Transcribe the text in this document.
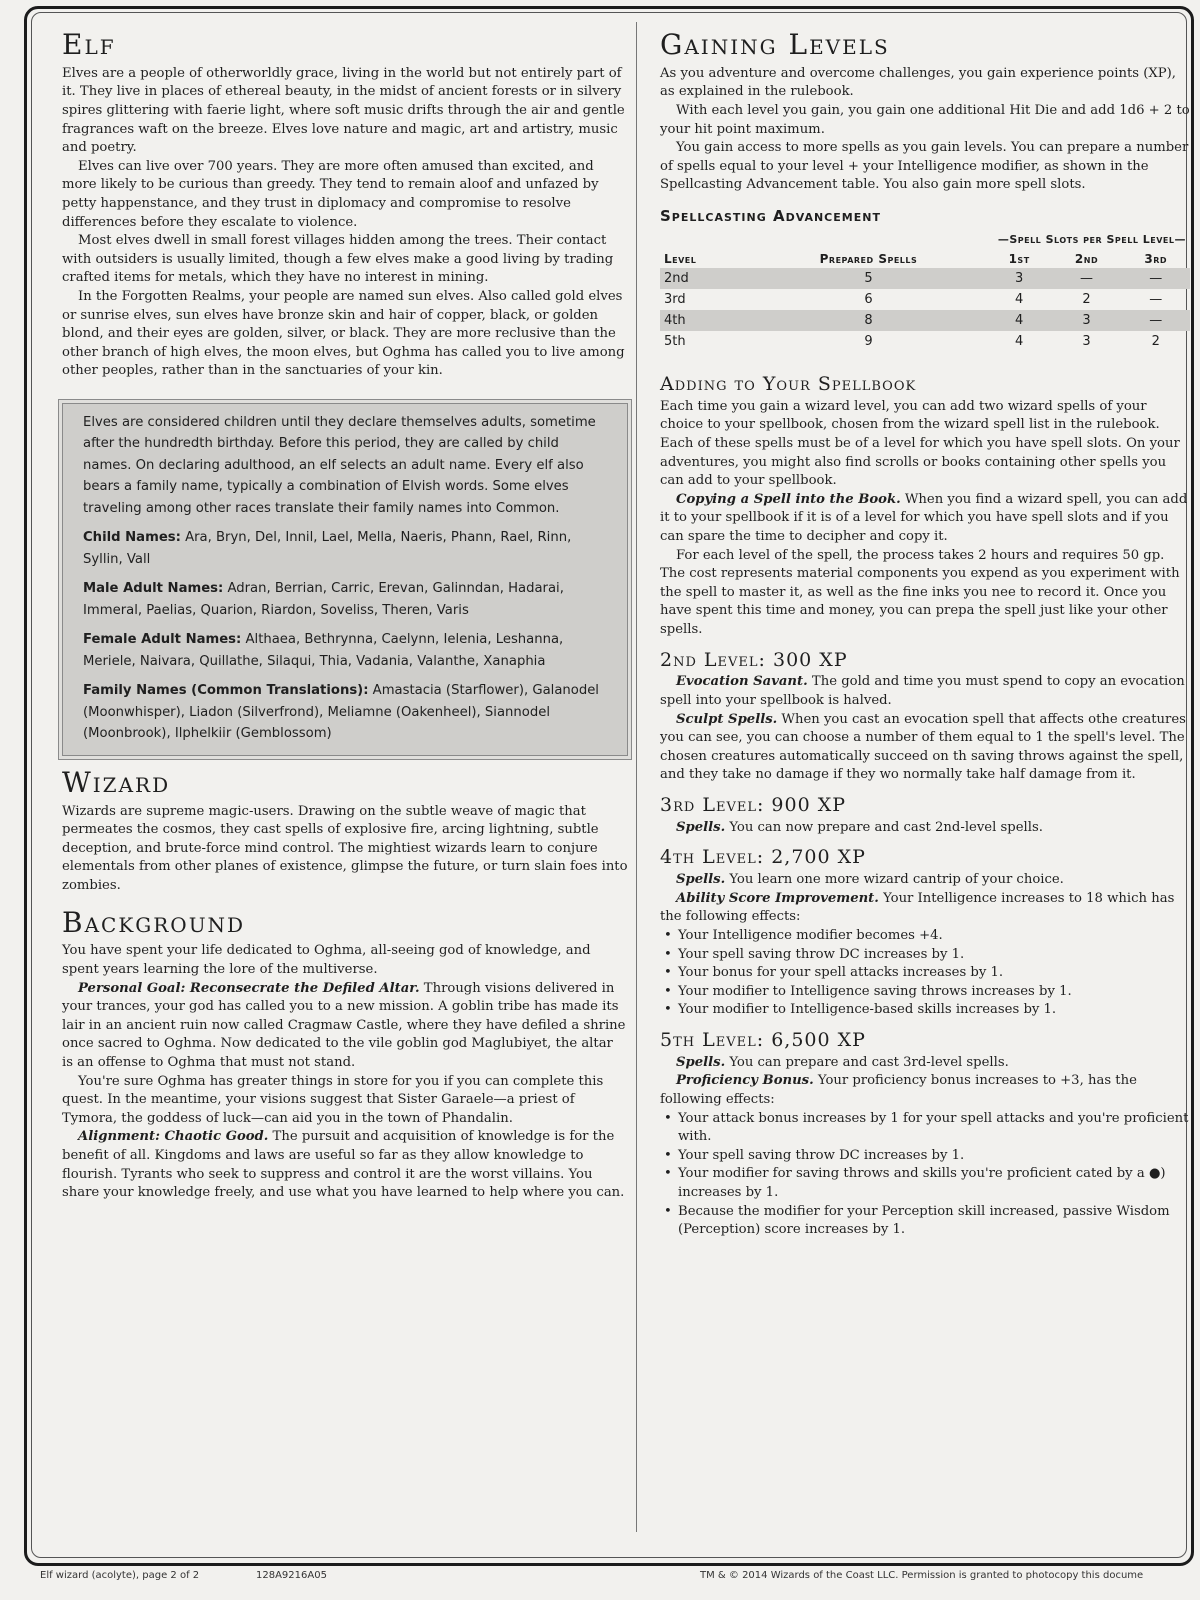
Elf

Elves are a people of otherworldly grace, living in the world but not entirely part of it. They live in places of ethereal beauty, in the midst of ancient forests or in silvery spires glittering with faerie light, where soft music drifts through the air and gentle fragrances waft on the breeze. Elves love nature and magic, art and artistry, music and poetry.

Elves can live over 700 years. They are more often amused than excited, and more likely to be curious than greedy. They tend to remain aloof and unfazed by petty happenstance, and they trust in diplomacy and compromise to resolve differences before they escalate to violence.

Most elves dwell in small forest villages hidden among the trees. Their contact with outsiders is usually limited, though a few elves make a good living by trading crafted items for metals, which they have no interest in mining.

In the Forgotten Realms, your people are named sun elves. Also called gold elves or sunrise elves, sun elves have bronze skin and hair of copper, black, or golden blond, and their eyes are golden, silver, or black. They are more reclusive than the other branch of high elves, the moon elves, but Oghma has called you to live among other peoples, rather than in the sanctuaries of your kin.

Elves are considered children until they declare themselves adults, sometime after the hundredth birthday. Before this period, they are called by child names. On declaring adulthood, an elf selects an adult name. Every elf also bears a family name, typically a combination of Elvish words. Some elves traveling among other races translate their family names into Common.

Child Names: Ara, Bryn, Del, Innil, Lael, Mella, Naeris, Phann, Rael, Rinn, Syllin, Vall

Male Adult Names: Adran, Berrian, Carric, Erevan, Galinndan, Hadarai, Immeral, Paelias, Quarion, Riardon, Soveliss, Theren, Varis

Female Adult Names: Althaea, Bethrynna, Caelynn, Ielenia, Leshanna, Meriele, Naivara, Quillathe, Silaqui, Thia, Vadania, Valanthe, Xanaphia

Family Names (Common Translations): Amastacia (Starflower), Galanodel (Moonwhisper), Liadon (Silverfrond), Meliamne (Oakenheel), Siannodel (Moonbrook), Ilphelkiir (Gemblossom)

Wizard

Wizards are supreme magic-users. Drawing on the subtle weave of magic that permeates the cosmos, they cast spells of explosive fire, arcing lightning, subtle deception, and brute-force mind control. The mightiest wizards learn to conjure elementals from other planes of existence, glimpse the future, or turn slain foes into zombies.

Background

You have spent your life dedicated to Oghma, all-seeing god of knowledge, and spent years learning the lore of the multiverse.

Personal Goal: Reconsecrate the Defiled Altar. Through visions delivered in your trances, your god has called you to a new mission. A goblin tribe has made its lair in an ancient ruin now called Cragmaw Castle, where they have defiled a shrine once sacred to Oghma. Now dedicated to the vile goblin god Maglubiyet, the altar is an offense to Oghma that must not stand.

You're sure Oghma has greater things in store for you if you can complete this quest. In the meantime, your visions suggest that Sister Garaele—a priest of Tymora, the goddess of luck—can aid you in the town of Phandalin.

Alignment: Chaotic Good. The pursuit and acquisition of knowledge is for the benefit of all. Kingdoms and laws are useful so far as they allow knowledge to flourish. Tyrants who seek to suppress and control it are the worst villains. You share your knowledge freely, and use what you have learned to help where you can.

Gaining Levels

As you adventure and overcome challenges, you gain experience points (XP), as explained in the rulebook.

With each level you gain, you gain one additional Hit Die and add 1d6 + 2 to your hit point maximum.

You gain access to more spells as you gain levels. You can prepare a number of spells equal to your level + your Intelligence modifier, as shown in the Spellcasting Advancement table. You also gain more spell slots.

Spellcasting Advancement
—Spell Slots per Spell Level—				
Level	Prepared Spells	1st	2nd	3rd
2nd	5	3	—	—
3rd	6	4	2	—
4th	8	4	3	—
5th	9	4	3	2
Adding to Your Spellbook

Each time you gain a wizard level, you can add two wizard spells of your choice to your spellbook, chosen from the wizard spell list in the rulebook. Each of these spells must be of a level for which you have spell slots. On your adventures, you might also find scrolls or books containing other spells you can add to your spellbook.

Copying a Spell into the Book. When you find a wizard spell, you can add it to your spellbook if it is of a level for which you have spell slots and if you can spare the time to decipher and copy it.

For each level of the spell, the process takes 2 hours and requires 50 gp. The cost represents material components you expend as you experiment with the spell to master it, as well as the fine inks you nee to record it. Once you have spent this time and money, you can prepa the spell just like your other spells.

2nd Level: 300 XP

Evocation Savant. The gold and time you must spend to copy an evocation spell into your spellbook is halved.

Sculpt Spells. When you cast an evocation spell that affects othe creatures you can see, you can choose a number of them equal to 1 the spell's level. The chosen creatures automatically succeed on th saving throws against the spell, and they take no damage if they wo normally take half damage from it.

3rd Level: 900 XP

Spells. You can now prepare and cast 2nd-level spells.

4th Level: 2,700 XP

Spells. You learn one more wizard cantrip of your choice.

Ability Score Improvement. Your Intelligence increases to 18 which has the following effects:

• Your Intelligence modifier becomes +4.
• Your spell saving throw DC increases by 1.
• Your bonus for your spell attacks increases by 1.
• Your modifier to Intelligence saving throws increases by 1.
• Your modifier to Intelligence-based skills increases by 1.
5th Level: 6,500 XP

Spells. You can prepare and cast 3rd-level spells.

Proficiency Bonus. Your proficiency bonus increases to +3, has the following effects:

• Your attack bonus increases by 1 for your spell attacks and you're proficient with.
• Your spell saving throw DC increases by 1.
• Your modifier for saving throws and skills you're proficient cated by a ●) increases by 1.
• Because the modifier for your Perception skill increased, passive Wisdom (Perception) score increases by 1.
Elf wizard (acolyte), page 2 of 2	128A9216A05	TM & © 2014 Wizards of the Coast LLC. Permission is granted to photocopy this docume
